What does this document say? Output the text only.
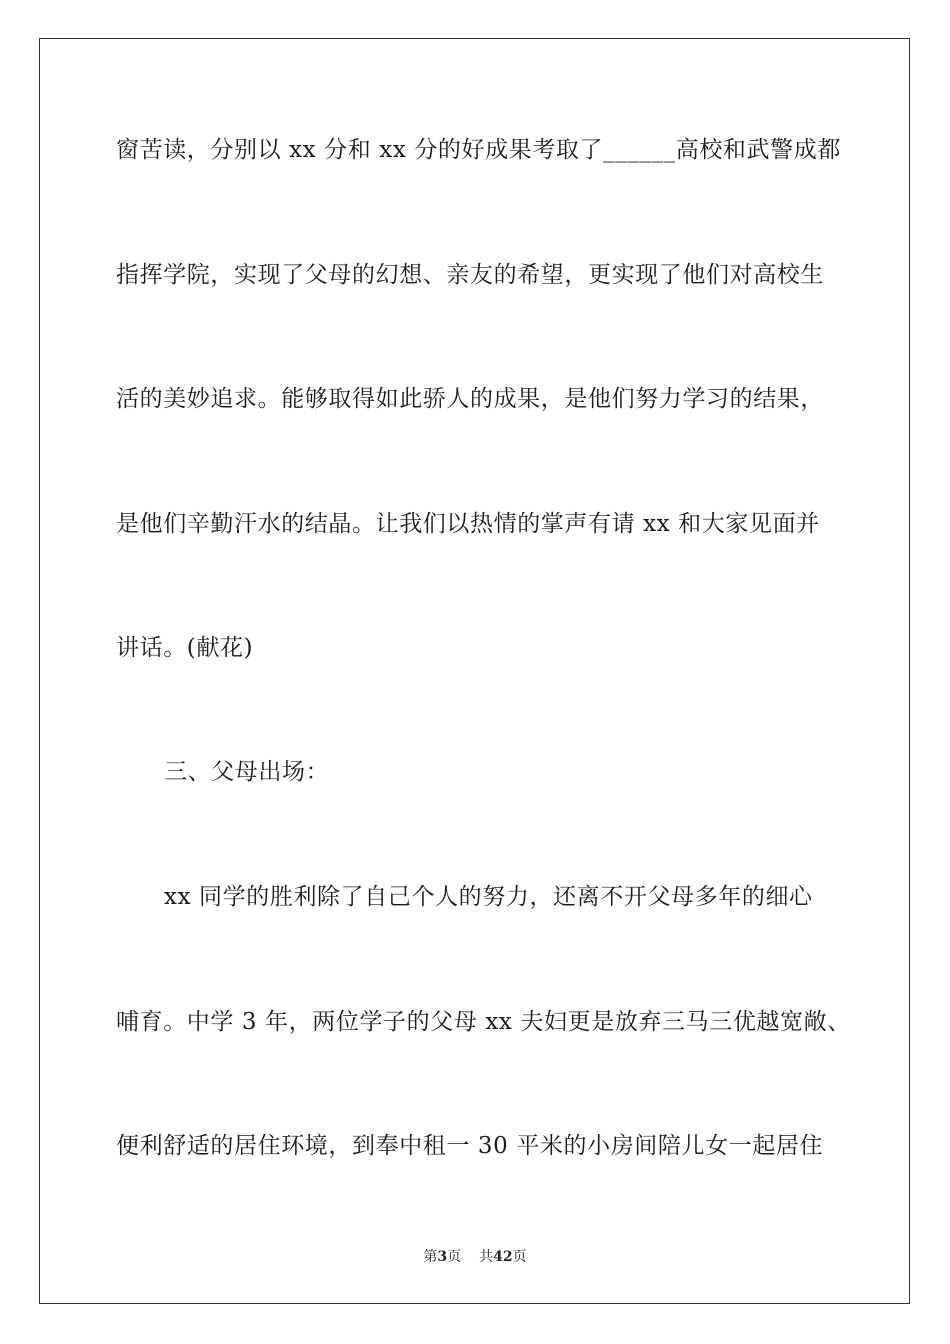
窗苦读，分别以 xx 分和 xx 分的好成果考取了______高校和武警成都
指挥学院，实现了父母的幻想、亲友的希望，更实现了他们对高校生
活的美妙追求。能够取得如此骄人的成果，是他们努力学习的结果，
是他们辛勤汗水的结晶。让我们以热情的掌声有请 xx 和大家见面并
讲话。(献花)
三、父母出场：
xx 同学的胜利除了自己个人的努力，还离不开父母多年的细心
哺育。中学 3 年，两位学子的父母 xx 夫妇更是放弃三马三优越宽敞、
便利舒适的居住环境，到奉中租一 30 平米的小房间陪儿女一起居住
第3页 共42页
